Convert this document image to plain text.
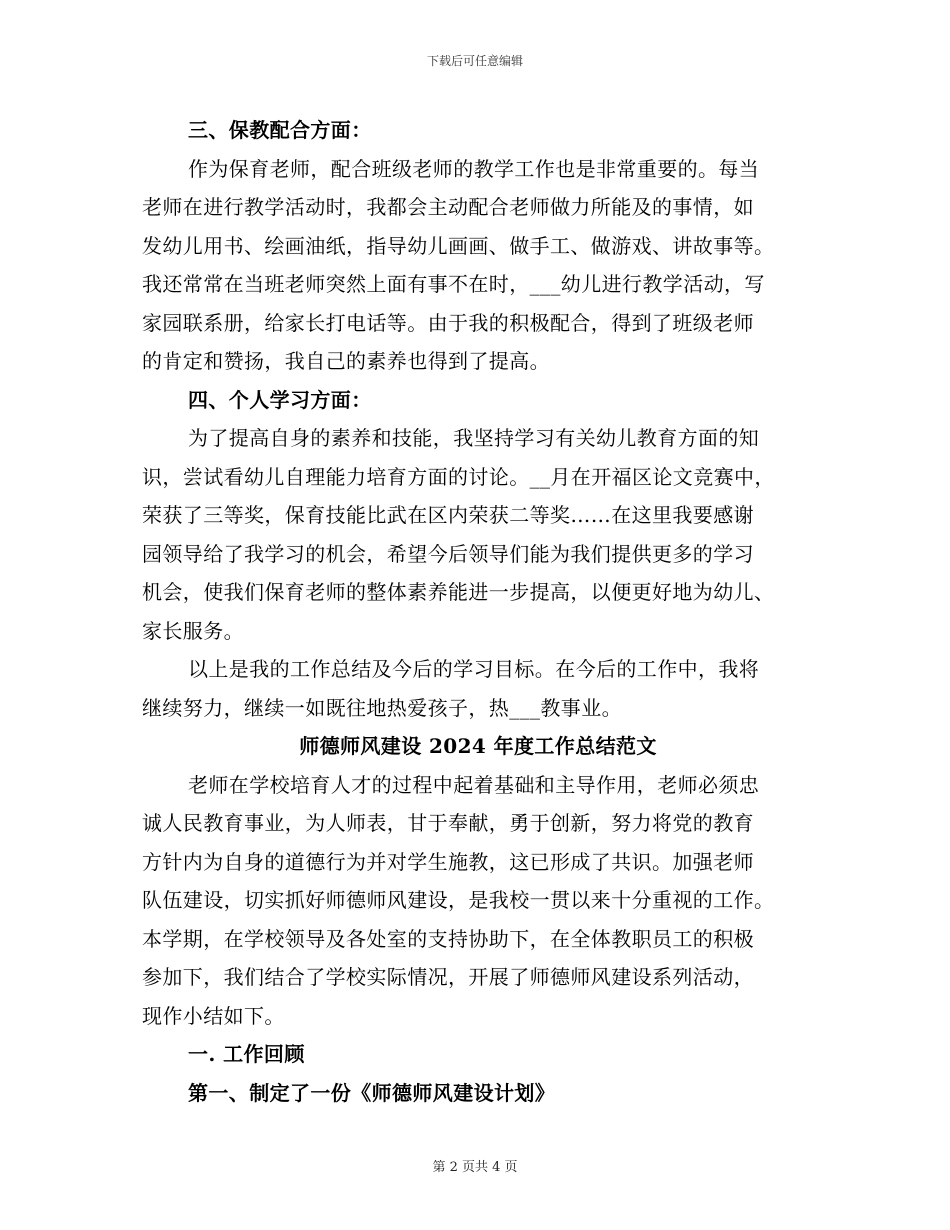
下载后可任意编辑
三、保教配合方面：
作为保育老师，配合班级老师的教学工作也是非常重要的。每当
老师在进行教学活动时，我都会主动配合老师做力所能及的事情，如
发幼儿用书、绘画油纸，指导幼儿画画、做手工、做游戏、讲故事等。
我还常常在当班老师突然上面有事不在时，___幼儿进行教学活动，写
家园联系册，给家长打电话等。由于我的积极配合，得到了班级老师
的肯定和赞扬，我自己的素养也得到了提高。
四、个人学习方面：
为了提高自身的素养和技能，我坚持学习有关幼儿教育方面的知
识，尝试看幼儿自理能力培育方面的讨论。__月在开福区论文竞赛中，
荣获了三等奖，保育技能比武在区内荣获二等奖……在这里我要感谢
园领导给了我学习的机会，希望今后领导们能为我们提供更多的学习
机会，使我们保育老师的整体素养能进一步提高，以便更好地为幼儿、
家长服务。
以上是我的工作总结及今后的学习目标。在今后的工作中，我将
继续努力，继续一如既往地热爱孩子，热___教事业。
师德师风建设 2024 年度工作总结范文
老师在学校培育人才的过程中起着基础和主导作用，老师必须忠
诚人民教育事业，为人师表，甘于奉献，勇于创新，努力将党的教育
方针内为自身的道德行为并对学生施教，这已形成了共识。加强老师
队伍建设，切实抓好师德师风建设，是我校一贯以来十分重视的工作。
本学期，在学校领导及各处室的支持协助下，在全体教职员工的积极
参加下，我们结合了学校实际情况，开展了师德师风建设系列活动，
现作小结如下。
一. 工作回顾
第一、制定了一份《师德师风建设计划》
第 2 页共 4 页
